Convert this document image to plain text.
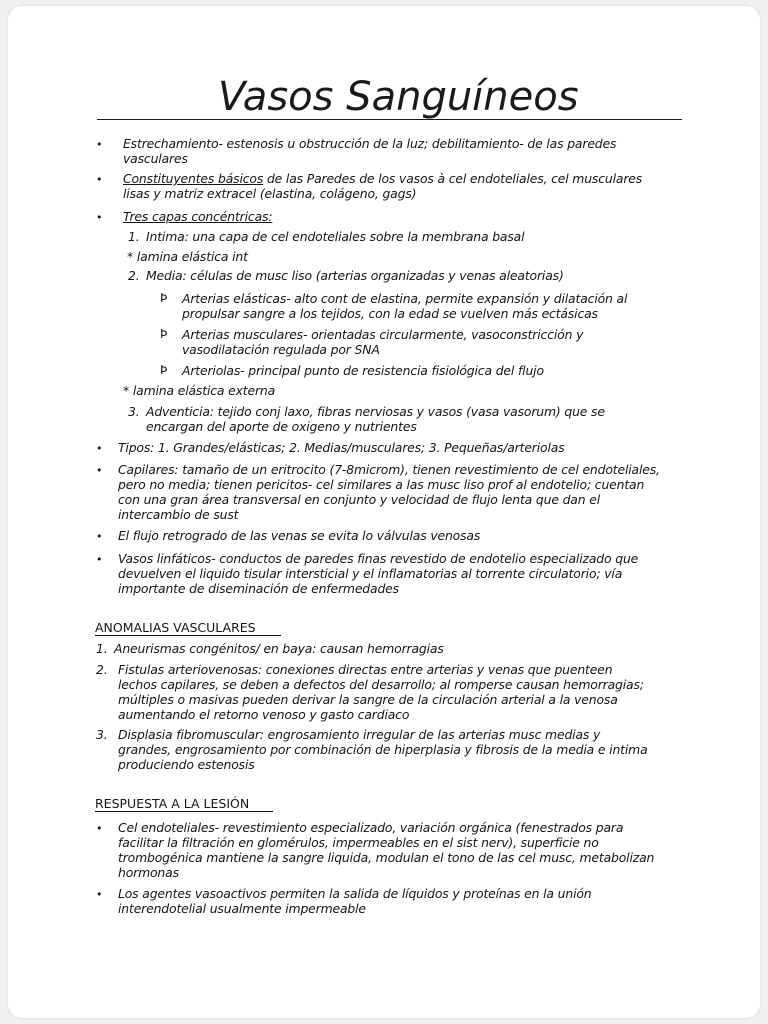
Vasos Sanguíneos
• Estrechamiento- estenosis u obstrucción de la luz; debilitamiento- de las paredes
vasculares
• Constituyentes básicos de las Paredes de los vasos à cel endoteliales, cel musculares
lisas y matriz extracel (elastina, colágeno, gags)
• Tres capas concéntricas:
1. Intima: una capa de cel endoteliales sobre la membrana basal
* lamina elástica int
2. Media: células de musc liso (arterias organizadas y venas aleatorias)
Þ Arterias elásticas- alto cont de elastina, permite expansión y dilatación al
propulsar sangre a los tejidos, con la edad se vuelven más ectásicas
Þ Arterias musculares- orientadas circularmente, vasoconstricción y
vasodilatación regulada por SNA
Þ Arteriolas- principal punto de resistencia fisiológica del flujo
* lamina elástica externa
3. Adventicia: tejido conj laxo, fibras nerviosas y vasos (vasa vasorum) que se
encargan del aporte de oxigeno y nutrientes
• Tipos: 1. Grandes/elásticas; 2. Medias/musculares; 3. Pequeñas/arteriolas
• Capilares: tamaño de un eritrocito (7-8microm), tienen revestimiento de cel endoteliales,
pero no media; tienen pericitos- cel similares a las musc liso prof al endotelio; cuentan
con una gran área transversal en conjunto y velocidad de flujo lenta que dan el
intercambio de sust
• El flujo retrogrado de las venas se evita lo válvulas venosas
• Vasos linfáticos- conductos de paredes finas revestido de endotelio especializado que
devuelven el liquido tisular intersticial y el inflamatorias al torrente circulatorio; vía
importante de diseminación de enfermedades
ANOMALIAS VASCULARES
1. Aneurismas congénitos/ en baya: causan hemorragias
2. Fistulas arteriovenosas: conexiones directas entre arterias y venas que puenteen
lechos capilares, se deben a defectos del desarrollo; al romperse causan hemorragias;
múltiples o masivas pueden derivar la sangre de la circulación arterial a la venosa
aumentando el retorno venoso y gasto cardiaco
3. Displasia fibromuscular: engrosamiento irregular de las arterias musc medias y
grandes, engrosamiento por combinación de hiperplasia y fibrosis de la media e intima
produciendo estenosis
RESPUESTA A LA LESIÓN
• Cel endoteliales- revestimiento especializado, variación orgánica (fenestrados para
facilitar la filtración en glomérulos, impermeables en el sist nerv), superficie no
trombogénica mantiene la sangre liquida, modulan el tono de las cel musc, metabolizan
hormonas
• Los agentes vasoactivos permiten la salida de líquidos y proteínas en la unión
interendotelial usualmente impermeable
